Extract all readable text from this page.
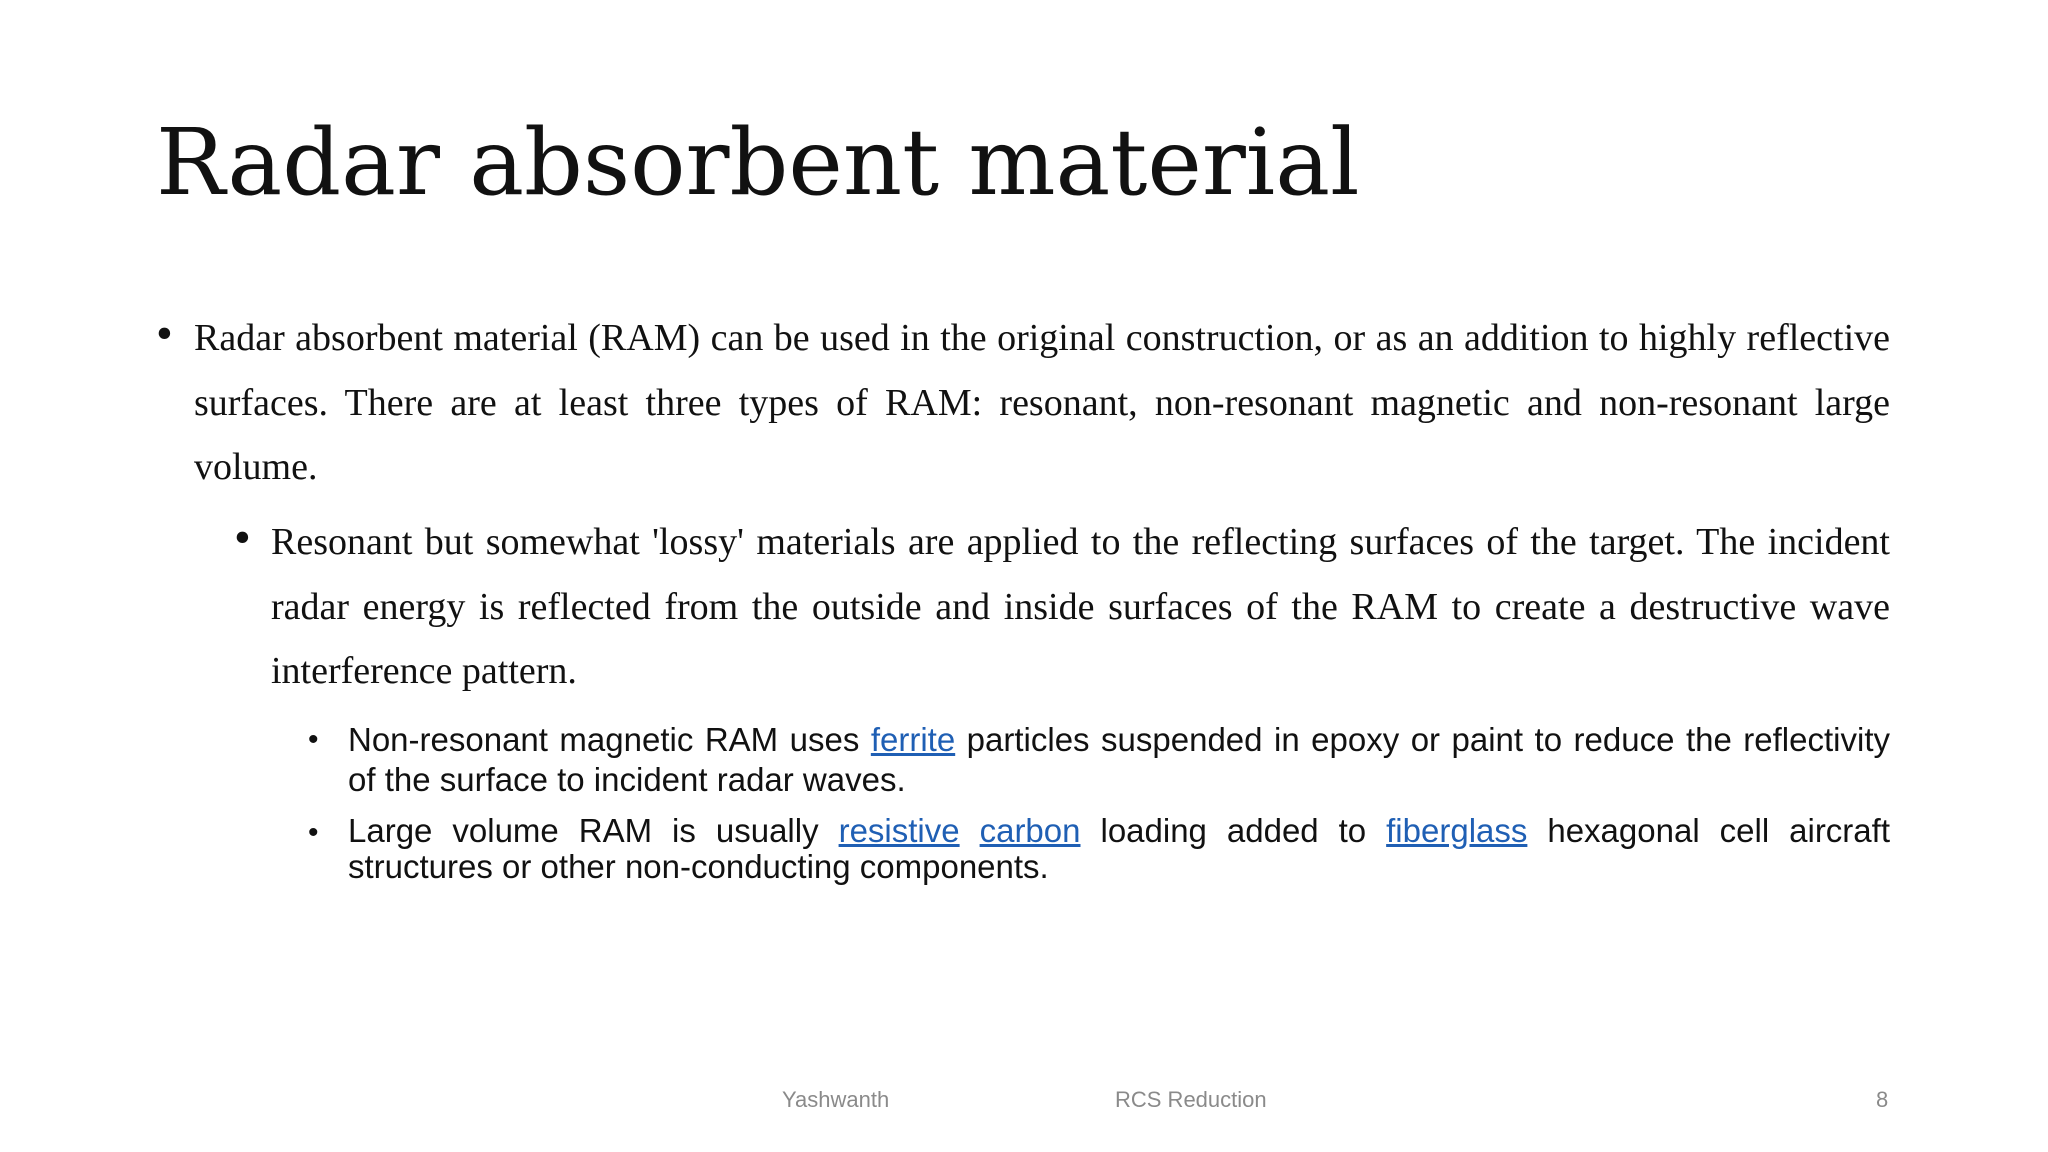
Radar absorbent material
• Radar absorbent material (RAM) can be used in the original construction, or as an addition to highly reflective surfaces. There are at least three types of RAM: resonant, non-resonant magnetic and non-resonant large volume.
• Resonant but somewhat 'lossy' materials are applied to the reflecting surfaces of the target. The incident radar energy is reflected from the outside and inside surfaces of the RAM to create a destructive wave interference pattern.
• Non-resonant magnetic RAM uses ferrite particles suspended in epoxy or paint to reduce the reflectivity of the surface to incident radar waves.
• Large volume RAM is usually resistive carbon loading added to fiberglass hexagonal cell aircraft structures or other non-conducting components.
Yashwanth	RCS Reduction	8
